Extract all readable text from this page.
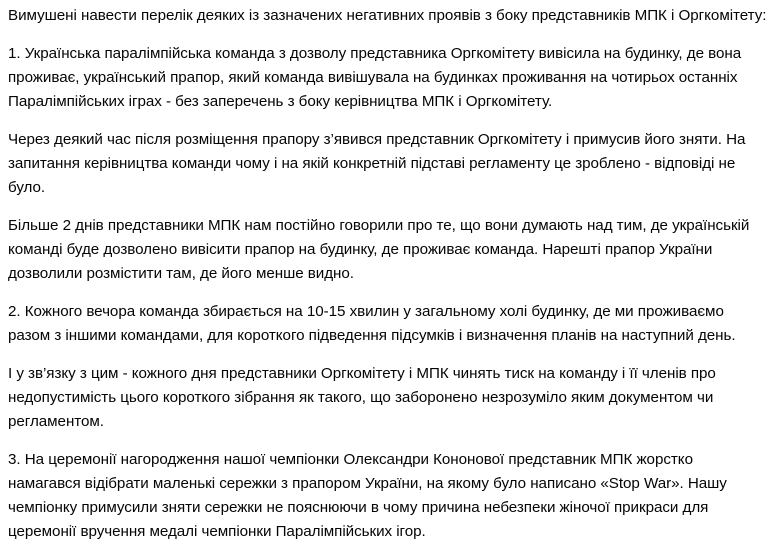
Вимушені навести перелік деяких із зазначених негативних проявів з боку представників МПК і Оргкомітету:

1. Українська паралімпійська команда з дозволу представника Оргкомітету вивісила на будинку, де вона проживає, український прапор, який команда вивішувала на будинках проживання на чотирьох останніх Паралімпійських іграх - без заперечень з боку керівництва МПК і Оргкомітету.

Через деякий час після розміщення прапору з’явився представник Оргкомітету і примусив його зняти. На запитання керівництва команди чому і на якій конкретній підставі регламенту це зроблено - відповіді не було.

Більше 2 днів представники МПК нам постійно говорили про те, що вони думають над тим, де українській команді буде дозволено вивісити прапор на будинку, де проживає команда. Нарешті прапор України дозволили розмістити там, де його менше видно.

2. Кожного вечора команда збирається на 10-15 хвилин у загальному холі будинку, де ми проживаємо разом з іншими командами, для короткого підведення підсумків і визначення планів на наступний день.

І у зв’язку з цим - кожного дня представники Оргкомітету і МПК чинять тиск на команду і її членів про недопустимість цього короткого зібрання як такого, що заборонено незрозуміло яким документом чи регламентом.

3. На церемонії нагородження нашої чемпіонки Олександри Кононової представник МПК жорстко намагався відібрати маленькі сережки з прапором України, на якому було написано «Stop War». Нашу чемпіонку примусили зняти сережки не пояснюючи в чому причина небезпеки жіночої прикраси для церемонії вручення медалі чемпіонки Паралімпійських ігор.
